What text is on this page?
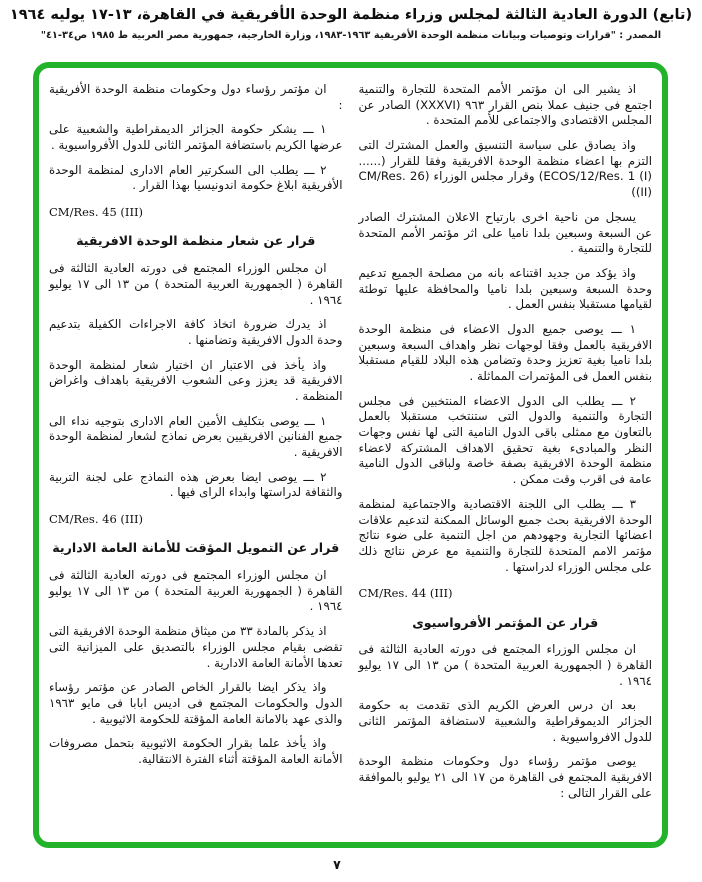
(تابع) الدورة العادية الثالثة لمجلس وزراء منظمة الوحدة الأفريقية في القاهرة، ١٣-١٧ يوليه ١٩٦٤
المصدر : "قرارات وتوصيات وبيانات منظمة الوحدة الأفريقية ١٩٦٣-١٩٨٣، وزارة الخارجية، جمهورية مصر العربية ط ١٩٨٥ ص٣٤-٤١"

اذ يشير الى ان مؤتمر الأمم المتحدة للتجارة والتنمية اجتمع فى جنيف عملا بنص القرار ٩٦٣ (XXXVI) الصادر عن المجلس الاقتصادى والاجتماعى للأمم المتحدة .

واذ يصادق على سياسة التنسيق والعمل المشترك التى التزم بها اعضاء منظمة الوحدة الافريقية وفقا للقرار (...... ECOS/12/Res. 1 (I)) وقرار مجلس الوزراء (CM/Res. 26 (II))

يسجل من ناحية اخرى بارتياح الاعلان المشترك الصادر عن السبعة وسبعين بلدا ناميا على اثر مؤتمر الأمم المتحدة للتجارة والتنمية .

واذ يؤكد من جديد اقتناعه بانه من مصلحة الجميع تدعيم وحدة السبعة وسبعين بلدا ناميا والمحافظة عليها توطئة لقيامها مستقبلا بنفس العمل .

١ ـــ يوصى جميع الدول الاعضاء فى منظمة الوحدة الافريقية بالعمل وفقا لوجهات نظر واهداف السبعة وسبعين بلدا ناميا بغية تعزيز وحدة وتضامن هذه البلاد للقيام مستقبلا بنفس العمل فى المؤتمرات المماثلة .

٢ ـــ يطلب الى الدول الاعضاء المنتخبين فى مجلس التجارة والتنمية والدول التى ستنتخب مستقبلا بالعمل بالتعاون مع ممثلى باقى الدول النامية التى لها نفس وجهات النظر والمبادىء بغية تحقيق الاهداف المشتركة لاعضاء منظمة الوحدة الافريقية بصفة خاصة ولباقى الدول النامية عامة فى اقرب وقت ممكن .

٣ ـــ يطلب الى اللجنة الاقتصادية والاجتماعية لمنظمة الوحدة الافريقية بحث جميع الوسائل الممكنة لتدعيم علاقات اعضائها التجارية وجهودهم من اجل التنمية على ضوء نتائج مؤتمر الامم المتحدة للتجارة والتنمية مع عرض نتائج ذلك على مجلس الوزراء لدراستها .

CM/Res. 44 (III)
قرار عن المؤتمر الأفرواسيوى

ان مجلس الوزراء المجتمع فى دورته العادية الثالثة فى القاهرة ( الجمهورية العربية المتحدة ) من ١٣ الى ١٧ يوليو ١٩٦٤ .

بعد ان درس العرض الكريم الذى تقدمت به حكومة الجزائر الديموقراطية والشعبية لاستضافة المؤتمر الثانى للدول الافرواسيوية .

يوصى مؤتمر رؤساء دول وحكومات منظمة الوحدة الافريقية المجتمع فى القاهرة من ١٧ الى ٢١ يوليو بالموافقة على القرار التالى :

ان مؤتمر رؤساء دول وحكومات منظمة الوحدة الأفريقية :

١ ـــ يشكر حكومة الجزائر الديمقراطية والشعبية على عرضها الكريم باستضافة المؤتمر الثانى للدول الأفرواسيوية .

٢ ـــ يطلب الى السكرتير العام الادارى لمنظمة الوحدة الأفريقية ابلاغ حكومة اندونيسيا بهذا القرار .

CM/Res. 45 (III)
قرار عن شعار منظمة الوحدة الافريقية

ان مجلس الوزراء المجتمع فى دورته العادية الثالثة فى القاهرة ( الجمهورية العربية المتحدة ) من ١٣ الى ١٧ يوليو ١٩٦٤ .

اذ يدرك ضرورة اتخاذ كافة الاجراءات الكفيلة بتدعيم وحدة الدول الافريقية وتضامنها .

واذ يأخذ فى الاعتبار ان اختيار شعار لمنظمة الوحدة الافريقية قد يعزز وعى الشعوب الافريقية باهداف واغراض المنظمة .

١ ـــ يوصى بتكليف الأمين العام الادارى بتوجيه نداء الى جميع الفنانين الافريقيين بعرض نماذج لشعار لمنظمة الوحدة الافريقية .

٢ ـــ يوصى ايضا بعرض هذه النماذج على لجنة التربية والثقافة لدراستها وابداء الراى فيها .

CM/Res. 46 (III)
قرار عن التمويل المؤقت للأمانة العامة الادارية

ان مجلس الوزراء المجتمع فى دورته العادية الثالثة فى القاهرة ( الجمهورية العربية المتحدة ) من ١٣ الى ١٧ يوليو ١٩٦٤ .

اذ يذكر بالمادة ٣٣ من ميثاق منظمة الوحدة الافريقية التى تقضى بقيام مجلس الوزراء بالتصديق على الميزانية التى تعدها الأمانة العامة الادارية .

واذ يذكر ايضا بالقرار الخاص الصادر عن مؤتمر رؤساء الدول والحكومات المجتمع فى اديس ابابا فى مايو ١٩٦٣ والذى عهد بالامانة العامة المؤقتة للحكومة الاثيوبية .

واذ يأخذ علما بقرار الحكومة الاثيوبية بتحمل مصروفات الأمانة العامة المؤقتة أثناء الفترة الانتقالية.

٧
